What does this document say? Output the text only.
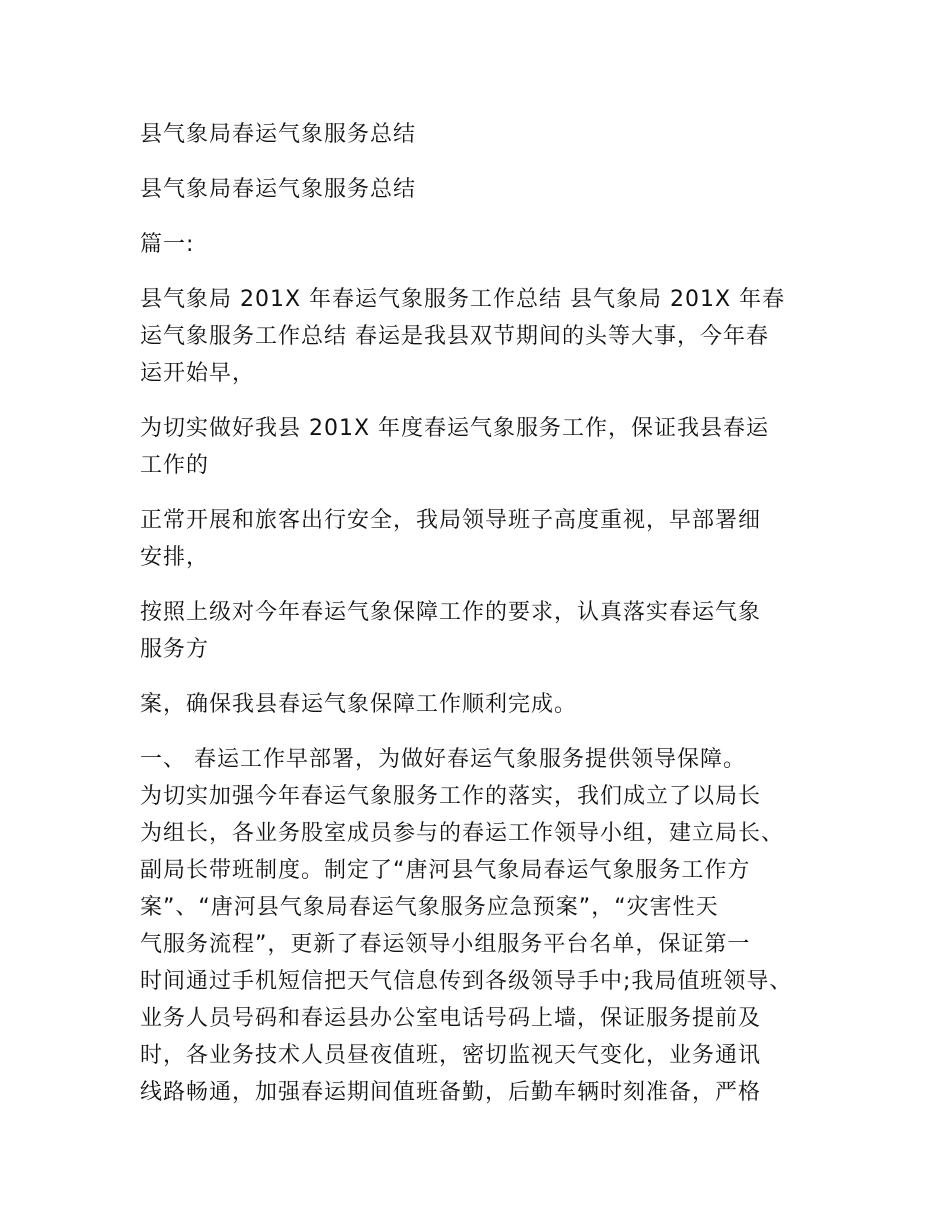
县气象局春运气象服务总结

县气象局春运气象服务总结

篇一:

县气象局 201X 年春运气象服务工作总结 县气象局 201X 年春
运气象服务工作总结 春运是我县双节期间的头等大事，今年春
运开始早，

为切实做好我县 201X 年度春运气象服务工作，保证我县春运
工作的

正常开展和旅客出行安全，我局领导班子高度重视，早部署细
安排，

按照上级对今年春运气象保障工作的要求，认真落实春运气象
服务方

案，确保我县春运气象保障工作顺利完成。

一、 春运工作早部署，为做好春运气象服务提供领导保障。
为切实加强今年春运气象服务工作的落实，我们成立了以局长
为组长，各业务股室成员参与的春运工作领导小组，建立局长、
副局长带班制度。制定了“唐河县气象局春运气象服务工作方
案”、“唐河县气象局春运气象服务应急预案”，“灾害性天
气服务流程”，更新了春运领导小组服务平台名单，保证第一
时间通过手机短信把天气信息传到各级领导手中;我局值班领导、
业务人员号码和春运县办公室电话号码上墙，保证服务提前及
时，各业务技术人员昼夜值班，密切监视天气变化，业务通讯
线路畅通，加强春运期间值班备勤，后勤车辆时刻准备，严格
